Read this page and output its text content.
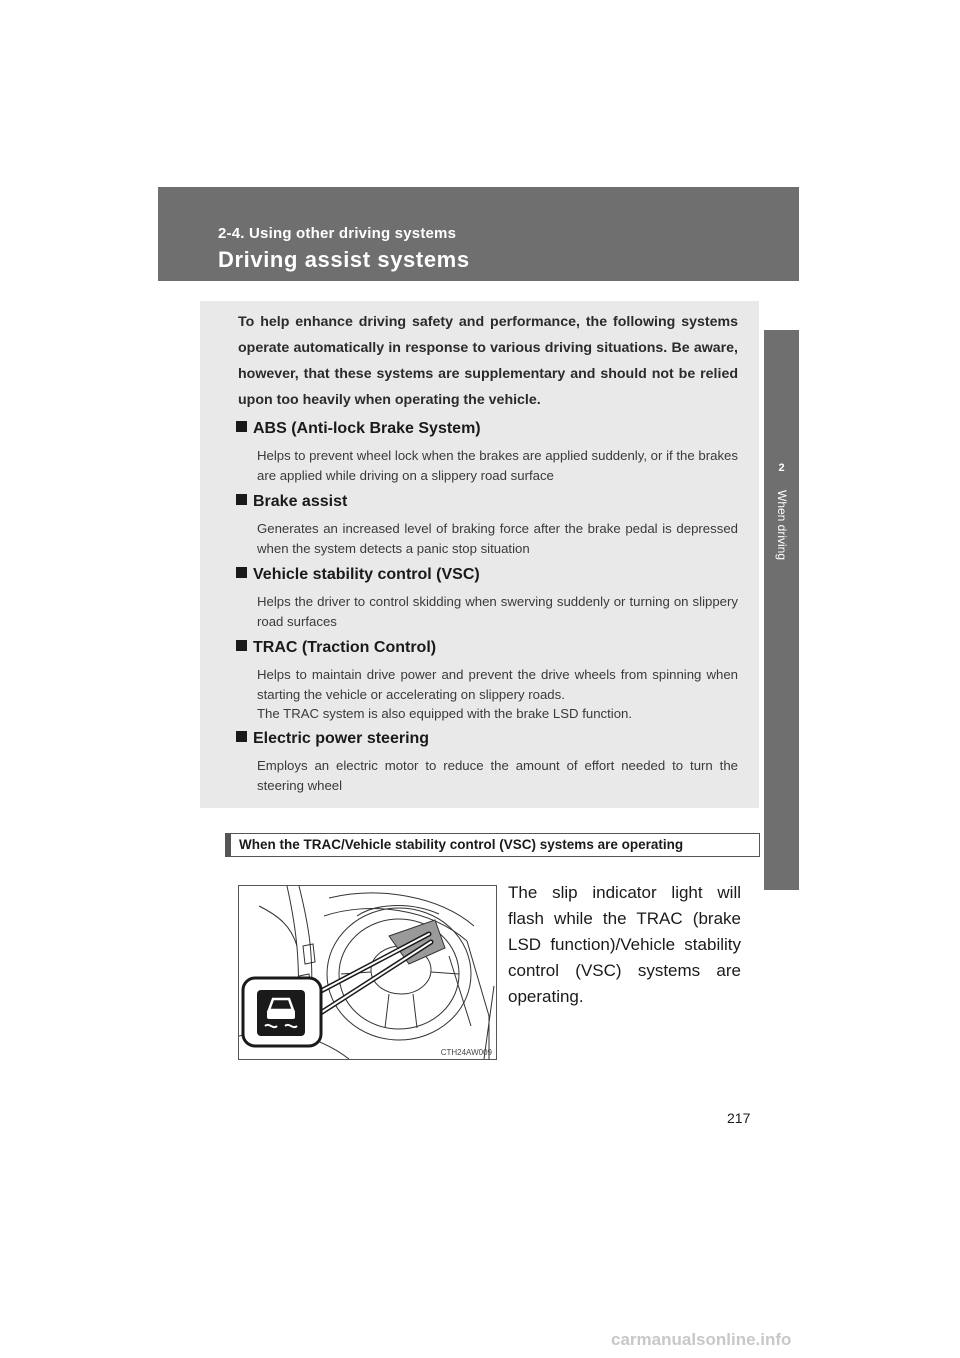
2-4. Using other driving systems
Driving assist systems
2
When driving
To help enhance driving safety and performance, the following systems operate automatically in response to various driving situations. Be aware, however, that these systems are supplementary and should not be relied upon too heavily when operating the vehicle.
ABS (Anti-lock Brake System)
Helps to prevent wheel lock when the brakes are applied suddenly, or if the brakes are applied while driving on a slippery road surface
Brake assist
Generates an increased level of braking force after the brake pedal is depressed when the system detects a panic stop situation
Vehicle stability control (VSC)
Helps the driver to control skidding when swerving suddenly or turning on slippery road surfaces
TRAC (Traction Control)
Helps to maintain drive power and prevent the drive wheels from spinning when starting the vehicle or accelerating on slippery roads.
The TRAC system is also equipped with the brake LSD function.
Electric power steering
Employs an electric motor to reduce the amount of effort needed to turn the steering wheel
When the TRAC/Vehicle stability control (VSC) systems are operating
CTH24AW009
The slip indicator light will flash while the TRAC (brake LSD function)/Vehicle stability control (VSC) systems are operating.
217
carmanualsonline.info
